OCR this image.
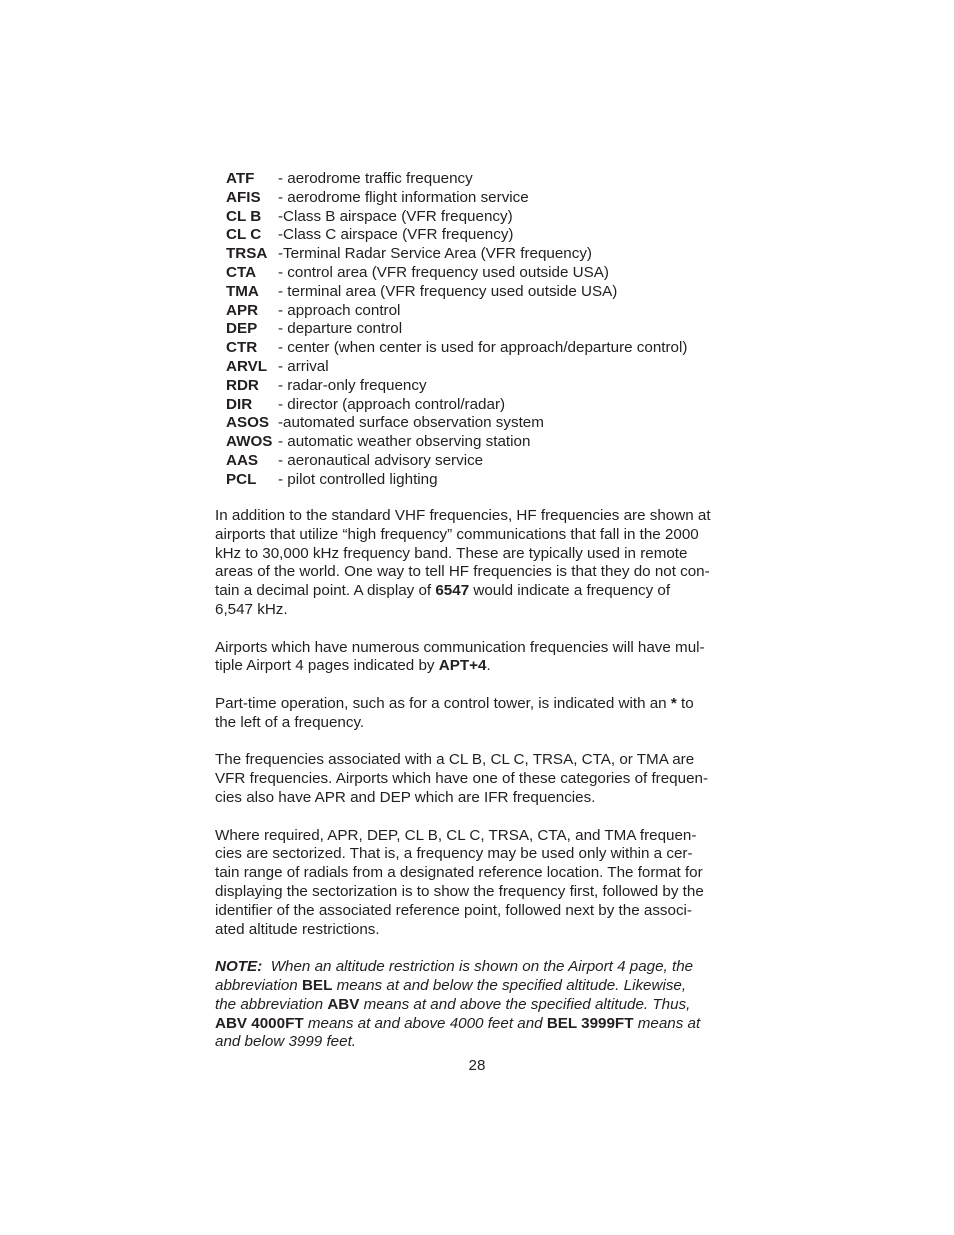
ATF	- aerodrome traffic frequency
AFIS	- aerodrome flight information service
CL B	-Class B airspace (VFR frequency)
CL C	-Class C airspace (VFR frequency)
TRSA -Terminal Radar Service Area (VFR frequency)
CTA	- control area (VFR frequency used outside USA)
TMA	- terminal area (VFR frequency used outside USA)
APR	- approach control
DEP	- departure control
CTR	- center (when center is used for approach/departure control)
ARVL - arrival
RDR	- radar-only frequency
DIR	- director (approach control/radar)
ASOS -automated surface observation system
AWOS - automatic weather observing station
AAS	- aeronautical advisory service
PCL	- pilot controlled lighting

In addition to the standard VHF frequencies, HF frequencies are shown at
airports that utilize “high frequency” communications that fall in the 2000
kHz to 30,000 kHz frequency band. These are typically used in remote
areas of the world. One way to tell HF frequencies is that they do not con-
tain a decimal point. A display of 6547 would indicate a frequency of
6,547 kHz.

Airports which have numerous communication frequencies will have mul-
tiple Airport 4 pages indicated by APT+4.

Part-time operation, such as for a control tower, is indicated with an * to
the left of a frequency.

The frequencies associated with a CL B, CL C, TRSA, CTA, or TMA are
VFR frequencies. Airports which have one of these categories of frequen-
cies also have APR and DEP which are IFR frequencies.

Where required, APR, DEP, CL B, CL C, TRSA, CTA, and TMA frequen-
cies are sectorized. That is, a frequency may be used only within a cer-
tain range of radials from a designated reference location. The format for
displaying the sectorization is to show the frequency first, followed by the
identifier of the associated reference point, followed next by the associ-
ated altitude restrictions.

NOTE:  When an altitude restriction is shown on the Airport 4 page, the
abbreviation BEL means at and below the specified altitude. Likewise,
the abbreviation ABV means at and above the specified altitude. Thus,
ABV 4000FT means at and above 4000 feet and BEL 3999FT means at
and below 3999 feet.

28
